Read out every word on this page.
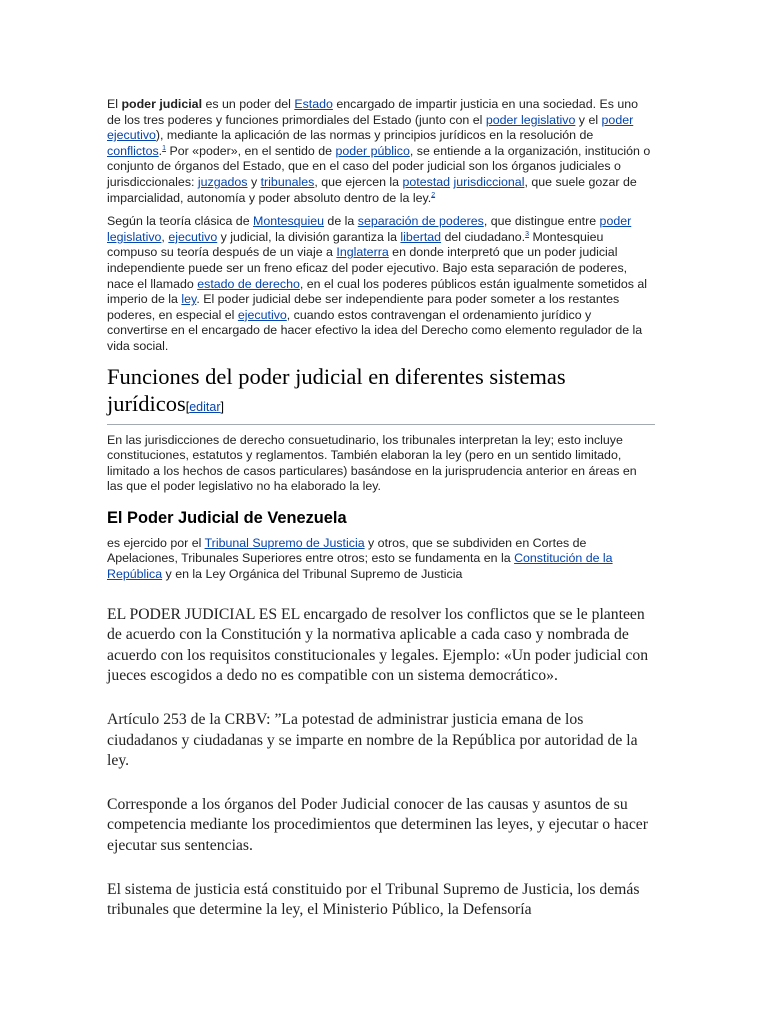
El poder judicial es un poder del Estado encargado de impartir justicia en una sociedad. Es uno de los tres poderes y funciones primordiales del Estado (junto con el poder legislativo y el poder ejecutivo), mediante la aplicación de las normas y principios jurídicos en la resolución de conflictos.$^1$ Por «poder», en el sentido de poder público, se entiende a la organización, institución o conjunto de órganos del Estado, que en el caso del poder judicial son los órganos judiciales o jurisdiccionales: juzgados y tribunales, que ejercen la potestad jurisdiccional, que suele gozar de imparcialidad, autonomía y poder absoluto dentro de la ley.$^2$

Según la teoría clásica de Montesquieu de la separación de poderes, que distingue entre poder legislativo, ejecutivo y judicial, la división garantiza la libertad del ciudadano.$^3$ Montesquieu compuso su teoría después de un viaje a Inglaterra en donde interpretó que un poder judicial independiente puede ser un freno eficaz del poder ejecutivo. Bajo esta separación de poderes, nace el llamado estado de derecho, en el cual los poderes públicos están igualmente sometidos al imperio de la ley. El poder judicial debe ser independiente para poder someter a los restantes poderes, en especial el ejecutivo, cuando estos contravengan el ordenamiento jurídico y convertirse en el encargado de hacer efectivo la idea del Derecho como elemento regulador de la vida social.

Funciones del poder judicial en diferentes sistemas jurídicos[editar]

En las jurisdicciones de derecho consuetudinario, los tribunales interpretan la ley; esto incluye constituciones, estatutos y reglamentos. También elaboran la ley (pero en un sentido limitado, limitado a los hechos de casos particulares) basándose en la jurisprudencia anterior en áreas en las que el poder legislativo no ha elaborado la ley.

El Poder Judicial de Venezuela

es ejercido por el Tribunal Supremo de Justicia y otros, que se subdividen en Cortes de Apelaciones, Tribunales Superiores entre otros; esto se fundamenta en la Constitución de la República y en la Ley Orgánica del Tribunal Supremo de Justicia

EL PODER JUDICIAL ES EL encargado de resolver los conflictos que se le planteen de acuerdo con la Constitución y la normativa aplicable a cada caso y nombrada de acuerdo con los requisitos constitucionales y legales. Ejemplo: «Un poder judicial con jueces escogidos a dedo no es compatible con un sistema democrático».

Artículo 253 de la CRBV: ”La potestad de administrar justicia emana de los ciudadanos y ciudadanas y se imparte en nombre de la República por autoridad de la ley.

Corresponde a los órganos del Poder Judicial conocer de las causas y asuntos de su competencia mediante los procedimientos que determinen las leyes, y ejecutar o hacer ejecutar sus sentencias.

El sistema de justicia está constituido por el Tribunal Supremo de Justicia, los demás tribunales que determine la ley, el Ministerio Público, la Defensoría
